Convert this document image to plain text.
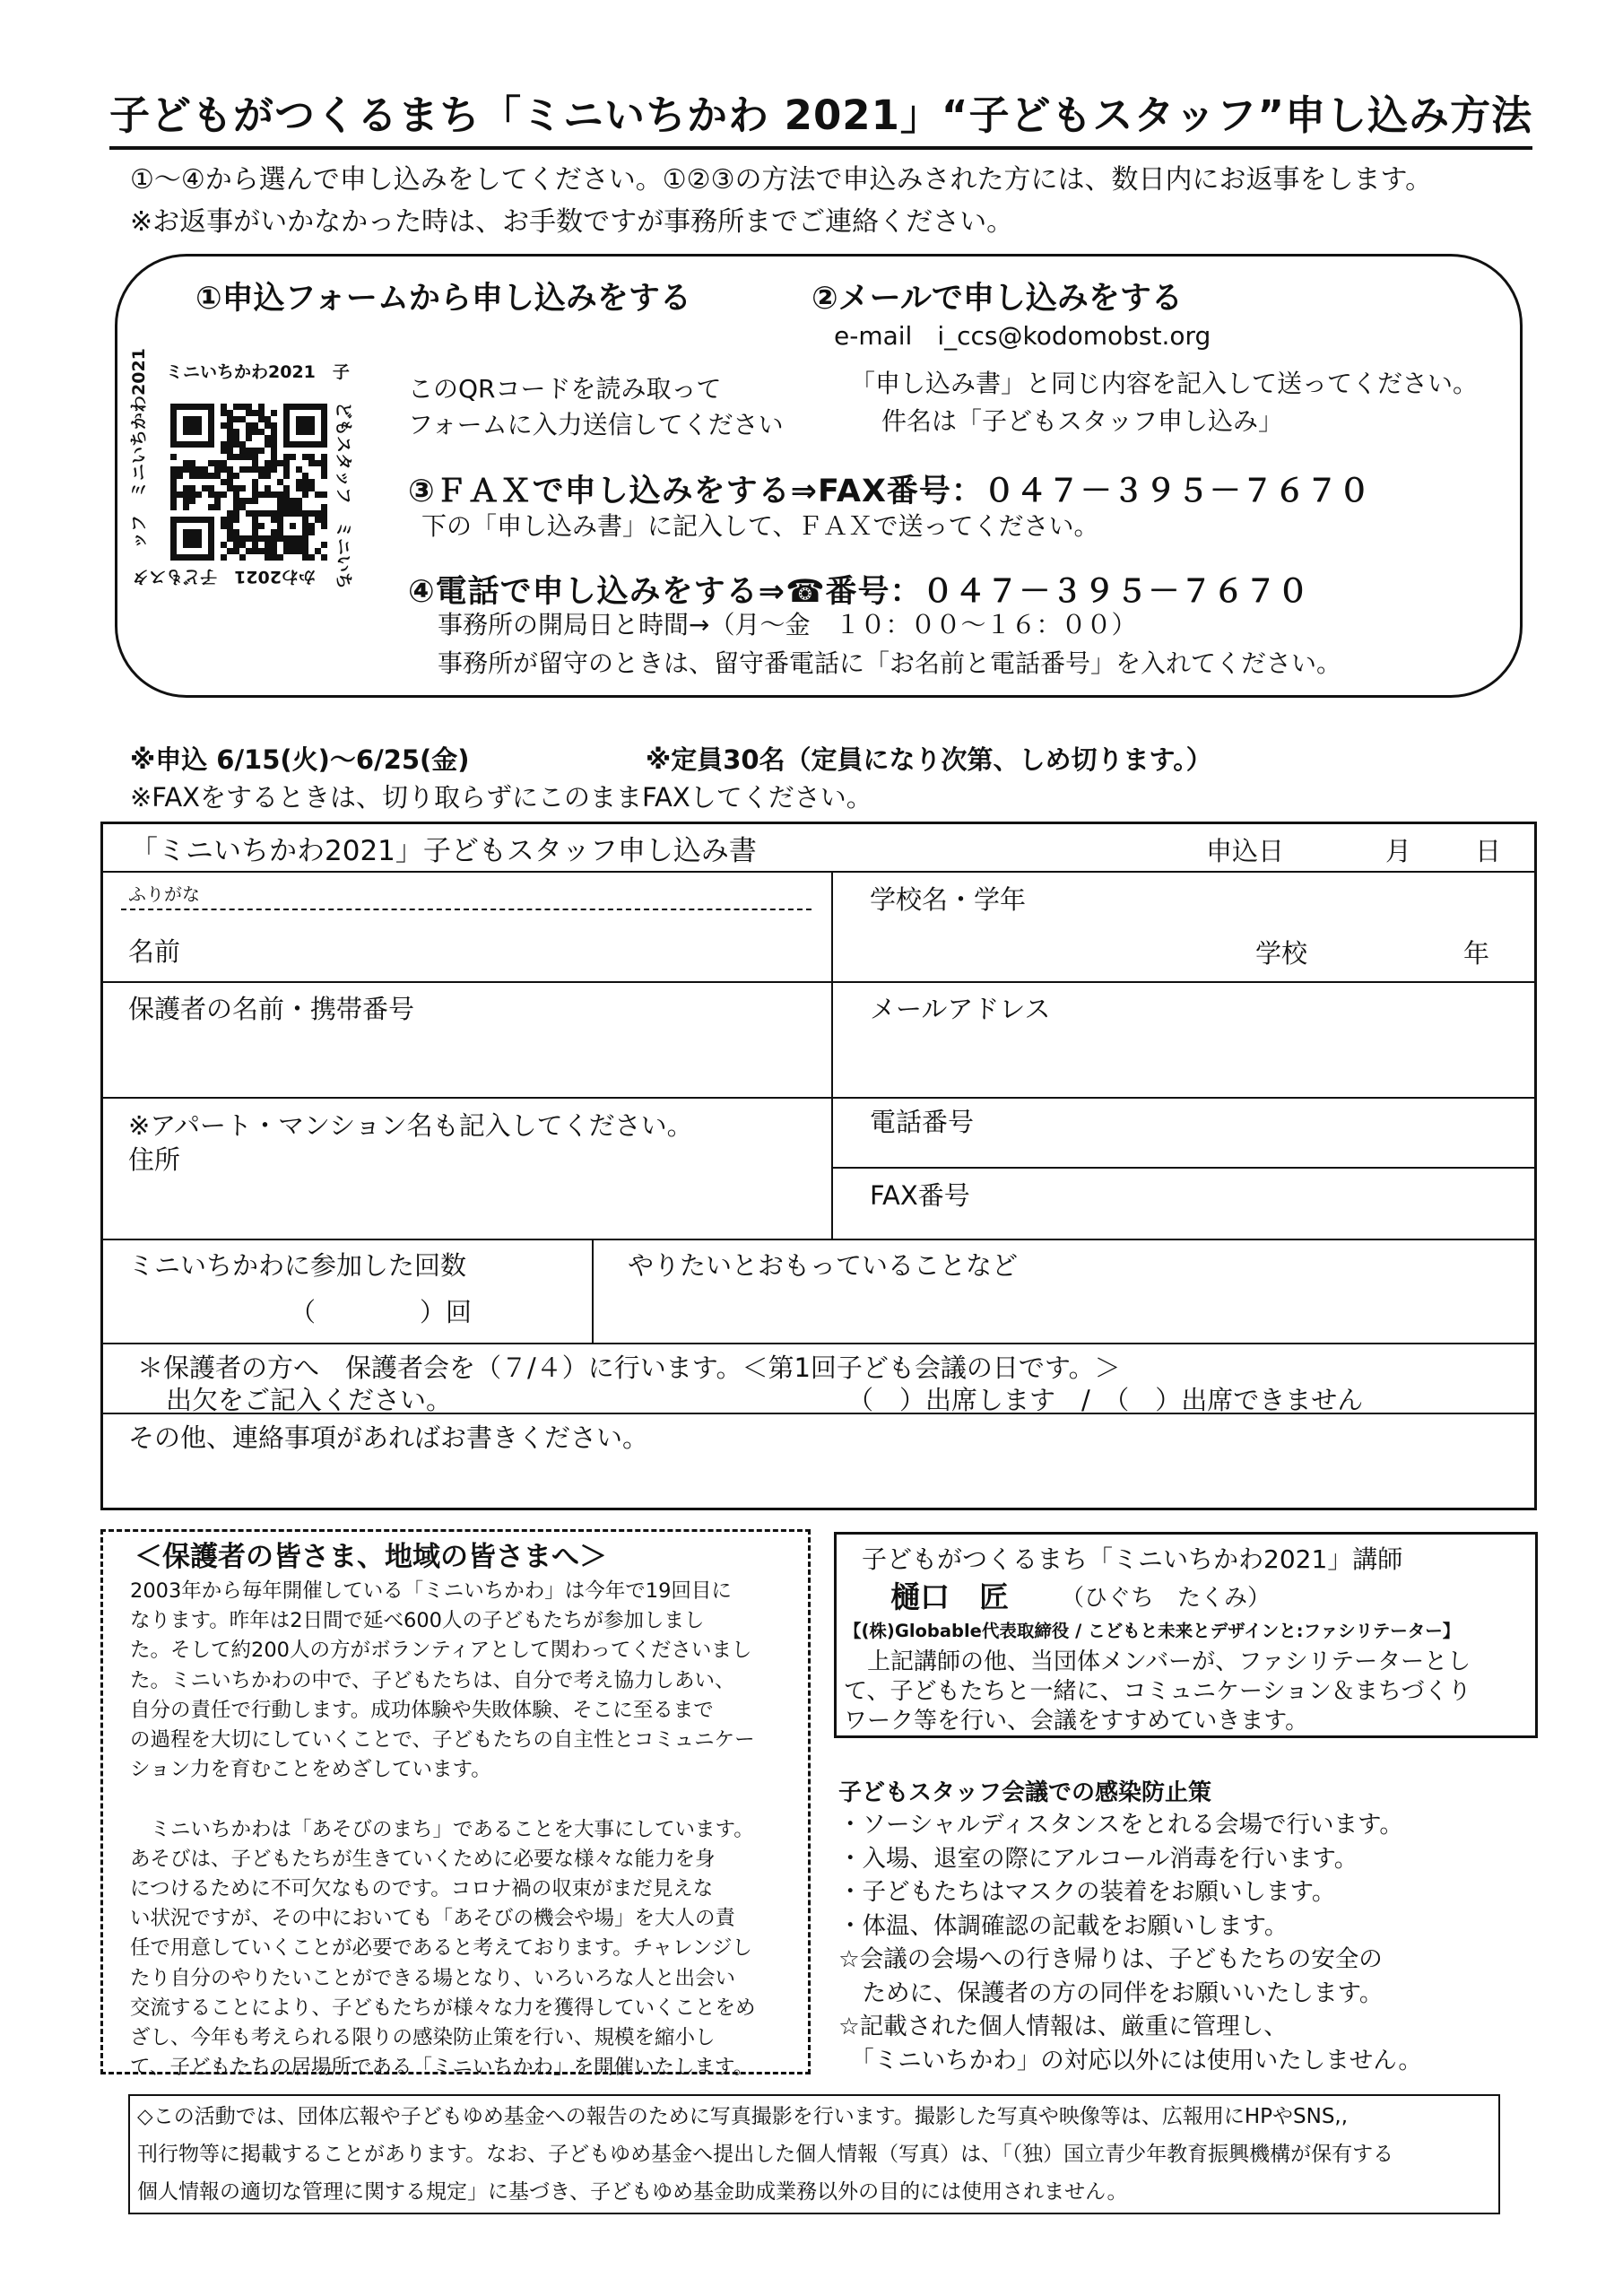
子どもがつくるまち「ミニいちかわ 2021」“子どもスタッフ”申し込み方法
①～④から選んで申し込みをしてください。①②③の方法で申込みされた方には、数日内にお返事をします。
※お返事がいかなかった時は、お手数ですが事務所までご連絡ください。
①申込フォームから申し込みをする	②メールで申し込みをする
e-mail　i_ccs@kodomobst.org
ミニいちかわ2021　子
どもスタッフ　ミニいち
かわ2021　子どもスタ
ッフ　ミニいちかわ2021	このQRコードを読み取って
フォームに入力送信してください
「申し込み書」と同じ内容を記入して送ってください。
件名は「子どもスタッフ申し込み」
③ＦＡＸで申し込みをする⇒FAX番号：０４７－３９５－７６７０
下の「申し込み書」に記入して、ＦＡＸで送ってください。
④電話で申し込みをする⇒☎番号：０４７－３９５－７６７０
事務所の開局日と時間→（月～金　１０：００～１６：００）
事務所が留守のときは、留守番電話に「お名前と電話番号」を入れてください。
※申込 6/15(火)～6/25(金)	※定員30名（定員になり次第、しめ切ります。）
※FAXをするときは、切り取らずにこのままFAXしてください。
「ミニいちかわ2021」子どもスタッフ申し込み書	申込日	月 日
ふりがな
名前
学校名・学年
学校	年
保護者の名前・携帯番号	メールアドレス
※アパート・マンション名も記入してください。
住所
電話番号
FAX番号
ミニいちかわに参加した回数
（　　　　）回
やりたいとおもっていることなど
＊保護者の方へ　保護者会を（７/４）に行います。＜第1回子ども会議の日です。＞
出欠をご記入ください。	（　）出席します　/　（　）出席できません
その他、連絡事項があればお書きください。
＜保護者の皆さま、地域の皆さまへ＞
2003年から毎年開催している「ミニいちかわ」は今年で19回目に
なります。昨年は2日間で延べ600人の子どもたちが参加しまし
た。そして約200人の方がボランティアとして関わってくださいまし
た。ミニいちかわの中で、子どもたちは、自分で考え協力しあい、
自分の責任で行動します。成功体験や失敗体験、そこに至るまで
の過程を大切にしていくことで、子どもたちの自主性とコミュニケー
ション力を育むことをめざしています。
　ミニいちかわは「あそびのまち」であることを大事にしています。
あそびは、子どもたちが生きていくために必要な様々な能力を身
につけるために不可欠なものです。コロナ禍の収束がまだ見えな
い状況ですが、その中においても「あそびの機会や場」を大人の責
任で用意していくことが必要であると考えております。チャレンジし
たり自分のやりたいことができる場となり、いろいろな人と出会い
交流することにより、子どもたちが様々な力を獲得していくことをめ
ざし、今年も考えられる限りの感染防止策を行い、規模を縮小し
て、子どもたちの居場所である「ミニいちかわ」を開催いたします。
子どもがつくるまち「ミニいちかわ2021」講師
樋口　匠 （ひぐち　たくみ）
【(株)Globable代表取締役 / こどもと未来とデザインと:ファシリテーター】
　上記講師の他、当団体メンバーが、ファシリテーターとし
て、子どもたちと一緒に、コミュニケーション＆まちづくり
ワーク等を行い、会議をすすめていきます。
子どもスタッフ会議での感染防止策
・ソーシャルディスタンスをとれる会場で行います。
・入場、退室の際にアルコール消毒を行います。
・子どもたちはマスクの装着をお願いします。
・体温、体調確認の記載をお願いします。
☆会議の会場への行き帰りは、子どもたちの安全の
　ために、保護者の方の同伴をお願いいたします。
☆記載された個人情報は、厳重に管理し、
　「ミニいちかわ」の対応以外には使用いたしません。
◇この活動では、団体広報や子どもゆめ基金への報告のために写真撮影を行います。撮影した写真や映像等は、広報用にHPやSNS,,
刊行物等に掲載することがあります。なお、子どもゆめ基金へ提出した個人情報（写真）は、「（独）国立青少年教育振興機構が保有する
個人情報の適切な管理に関する規定」に基づき、子どもゆめ基金助成業務以外の目的には使用されません。
